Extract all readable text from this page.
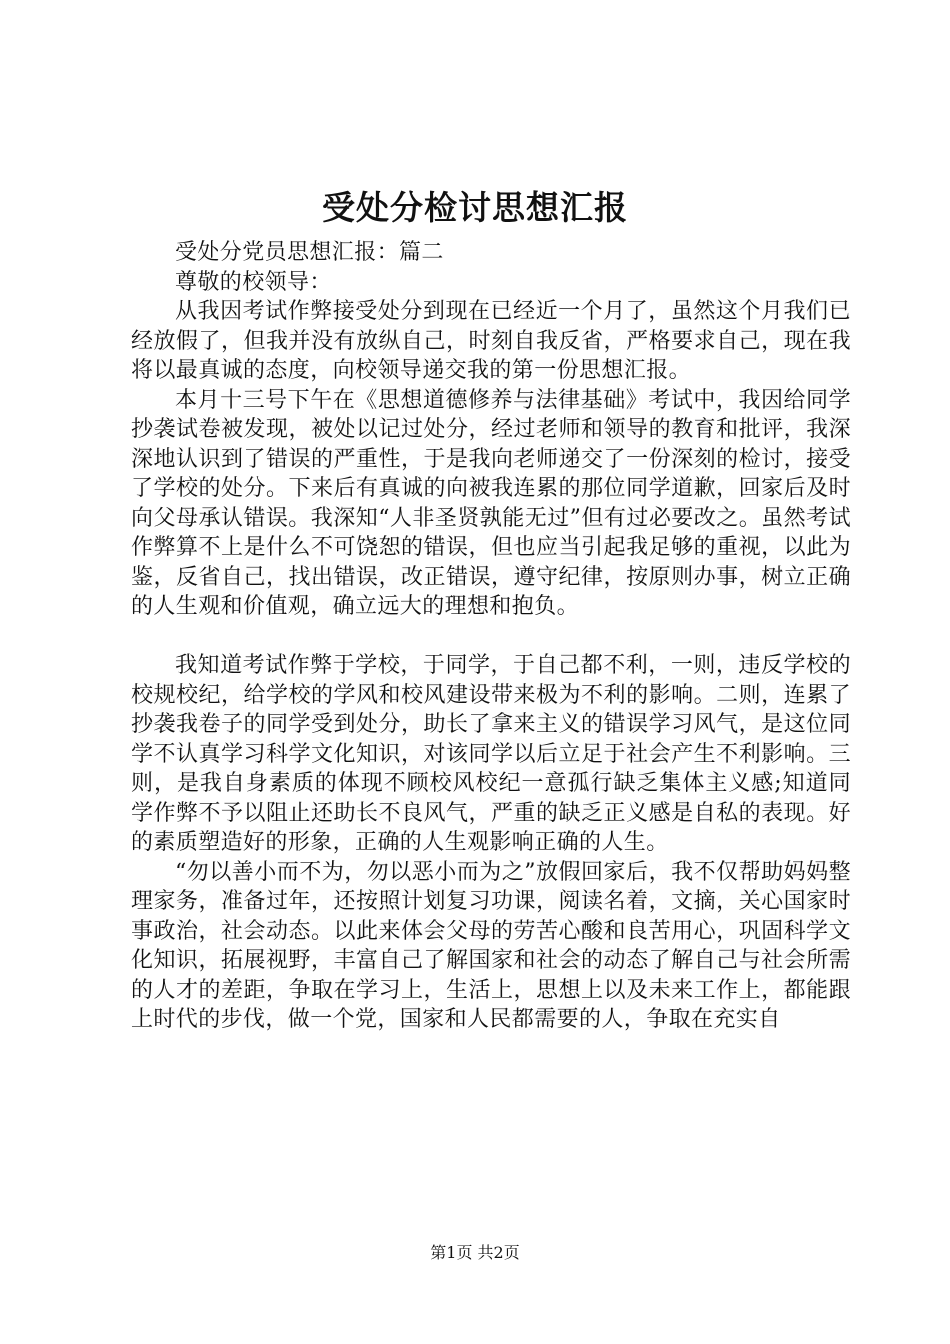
受处分检讨思想汇报

受处分党员思想汇报：篇二

尊敬的校领导：

从我因考试作弊接受处分到现在已经近一个月了，虽然这个月我们已经放假了，但我并没有放纵自己，时刻自我反省，严格要求自己，现在我将以最真诚的态度，向校领导递交我的第一份思想汇报。

本月十三号下午在《思想道德修养与法律基础》考试中，我因给同学抄袭试卷被发现，被处以记过处分，经过老师和领导的教育和批评，我深深地认识到了错误的严重性，于是我向老师递交了一份深刻的检讨，接受了学校的处分。下来后有真诚的向被我连累的那位同学道歉，回家后及时向父母承认错误。我深知“人非圣贤孰能无过”但有过必要改之。虽然考试作弊算不上是什么不可饶恕的错误，但也应当引起我足够的重视，以此为鉴，反省自己，找出错误，改正错误，遵守纪律，按原则办事，树立正确的人生观和价值观，确立远大的理想和抱负。

我知道考试作弊于学校，于同学，于自己都不利，一则，违反学校的校规校纪，给学校的学风和校风建设带来极为不利的影响。二则，连累了抄袭我卷子的同学受到处分，助长了拿来主义的错误学习风气，是这位同学不认真学习科学文化知识，对该同学以后立足于社会产生不利影响。三则，是我自身素质的体现不顾校风校纪一意孤行缺乏集体主义感;知道同学作弊不予以阻止还助长不良风气，严重的缺乏正义感是自私的表现。好的素质塑造好的形象，正确的人生观影响正确的人生。

“勿以善小而不为，勿以恶小而为之”放假回家后，我不仅帮助妈妈整理家务，准备过年，还按照计划复习功课，阅读名着，文摘，关心国家时事政治，社会动态。以此来体会父母的劳苦心酸和良苦用心，巩固科学文化知识，拓展视野，丰富自己了解国家和社会的动态了解自己与社会所需的人才的差距，争取在学习上，生活上，思想上以及未来工作上，都能跟上时代的步伐，做一个党，国家和人民都需要的人，争取在充实自

第1页 共2页
